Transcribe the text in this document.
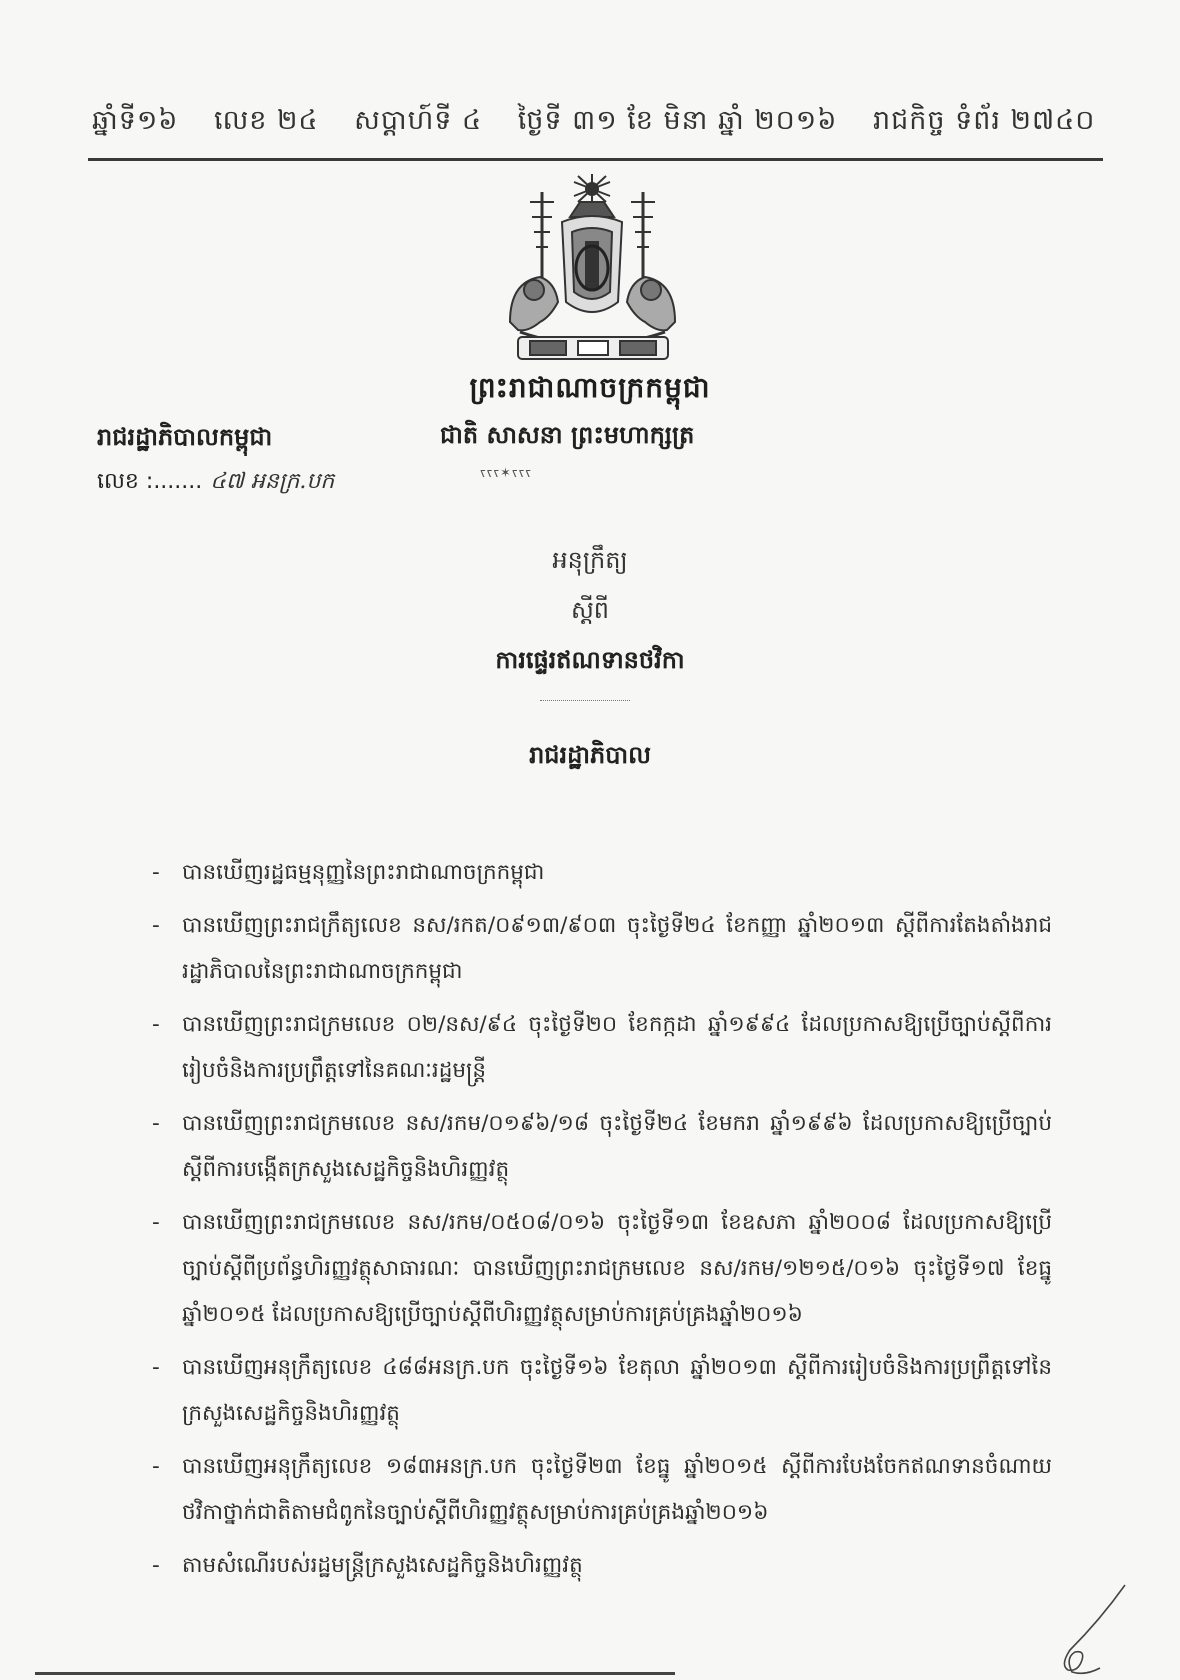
ឆ្នាំទី១៦ លេខ ២៤ សប្តាហ៍ទី ៤ ថ្ងៃទី ៣១ ខែ មិនា ឆ្នាំ ២០១៦ រាជកិច្ច ទំព័រ ២៧៤០
ព្រះរាជាណាចក្រកម្ពុជា
ជាតិ សាសនា ព្រះមហាក្សត្រ
ꧏꧏꧏ✶ꧏꧏꧏ
រាជរដ្ឋាភិបាលកម្ពុជា
លេខ :....... ៤៧ អនក្រ.បក
អនុក្រឹត្យ
ស្តីពី
ការផ្ទេរឥណទានថវិកា
រាជរដ្ឋាភិបាល
-	បានឃើញរដ្ឋធម្មនុញ្ញនៃព្រះរាជាណាចក្រកម្ពុជា
-	បានឃើញព្រះរាជក្រឹត្យលេខ នស/រកត/០៩១៣/៩០៣ ចុះថ្ងៃទី២៤ ខែកញ្ញា ឆ្នាំ២០១៣ ស្តីពីការតែងតាំងរាជរដ្ឋាភិបាលនៃព្រះរាជាណាចក្រកម្ពុជា
-	បានឃើញព្រះរាជក្រមលេខ ០២/នស/៩៤ ចុះថ្ងៃទី២០ ខែកក្កដា ឆ្នាំ១៩៩៤ ដែលប្រកាសឱ្យប្រើច្បាប់ស្តីពីការរៀបចំនិងការប្រព្រឹត្តទៅនៃគណៈរដ្ឋមន្ត្រី
-	បានឃើញព្រះរាជក្រមលេខ នស/រកម/០១៩៦/១៨ ចុះថ្ងៃទី២៤ ខែមករា ឆ្នាំ១៩៩៦ ដែលប្រកាសឱ្យប្រើច្បាប់ស្តីពីការបង្កើតក្រសួងសេដ្ឋកិច្ចនិងហិរញ្ញវត្ថុ
-	បានឃើញព្រះរាជក្រមលេខ នស/រកម/០៥០៨/០១៦ ចុះថ្ងៃទី១៣ ខែឧសភា ឆ្នាំ២០០៨ ដែលប្រកាសឱ្យប្រើច្បាប់ស្តីពីប្រព័ន្ធហិរញ្ញវត្ថុសាធារណៈ បានឃើញព្រះរាជក្រមលេខ នស/រកម/១២១៥/០១៦ ចុះថ្ងៃទី១៧ ខែធ្នូ ឆ្នាំ២០១៥ ដែលប្រកាសឱ្យប្រើច្បាប់ស្តីពីហិរញ្ញវត្ថុសម្រាប់ការគ្រប់គ្រងឆ្នាំ២០១៦
-	បានឃើញអនុក្រឹត្យលេខ ៤៨៨អនក្រ.បក ចុះថ្ងៃទី១៦ ខែតុលា ឆ្នាំ២០១៣ ស្តីពីការរៀបចំនិងការប្រព្រឹត្តទៅនៃក្រសួងសេដ្ឋកិច្ចនិងហិរញ្ញវត្ថុ
-	បានឃើញអនុក្រឹត្យលេខ ១៨៣អនក្រ.បក ចុះថ្ងៃទី២៣ ខែធ្នូ ឆ្នាំ២០១៥ ស្តីពីការបែងចែកឥណទានចំណាយថវិកាថ្នាក់ជាតិតាមជំពូកនៃច្បាប់ស្តីពីហិរញ្ញវត្ថុសម្រាប់ការគ្រប់គ្រងឆ្នាំ២០១៦
-	តាមសំណើរបស់រដ្ឋមន្ត្រីក្រសួងសេដ្ឋកិច្ចនិងហិរញ្ញវត្ថុ
